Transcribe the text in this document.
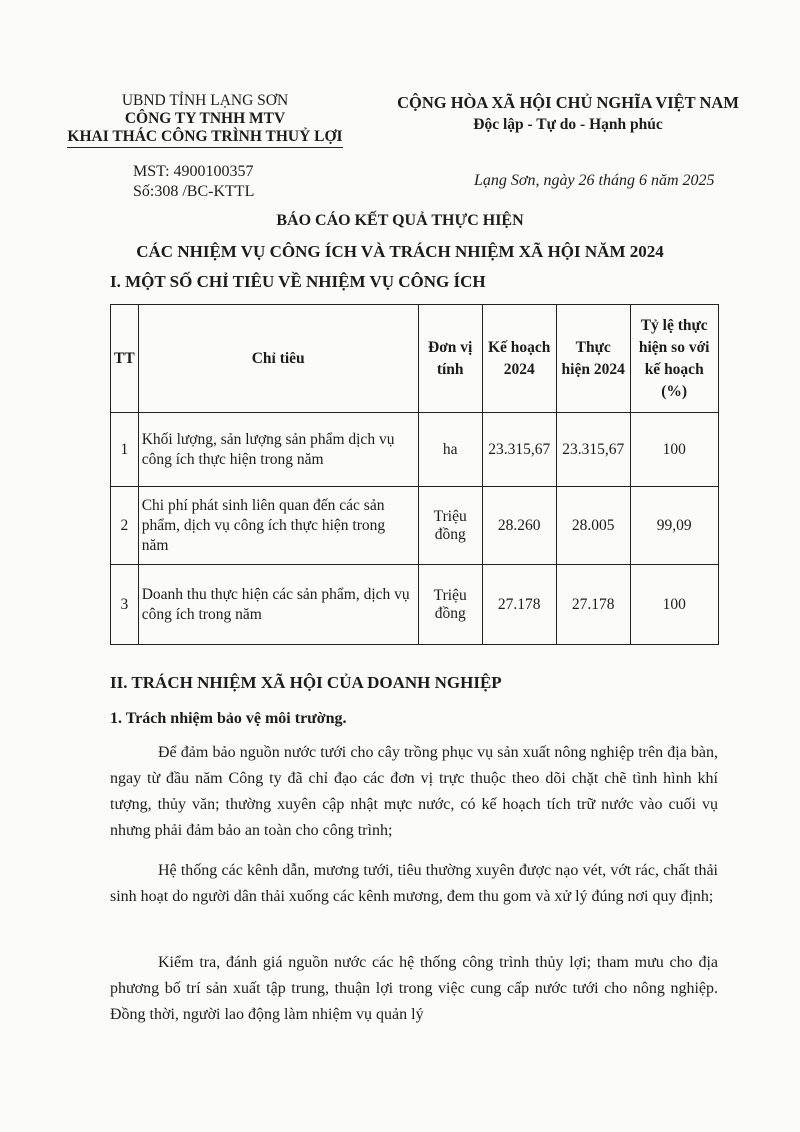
UBND TỈNH LẠNG SƠN
CÔNG TY TNHH MTV
KHAI THÁC CÔNG TRÌNH THUỶ LỢI
CỘNG HÒA XÃ HỘI CHỦ NGHĨA VIỆT NAM
Độc lập - Tự do - Hạnh phúc
MST: 4900100357
Số:308 /BC-KTTL
Lạng Sơn, ngày 26 tháng 6 năm 2025
BÁO CÁO KẾT QUẢ THỰC HIỆN
CÁC NHIỆM VỤ CÔNG ÍCH VÀ TRÁCH NHIỆM XÃ HỘI NĂM 2024
I. MỘT SỐ CHỈ TIÊU VỀ NHIỆM VỤ CÔNG ÍCH
TT	Chỉ tiêu	Đơn vị tính	Kế hoạch 2024	Thực hiện 2024	Tỷ lệ thực hiện so với kế hoạch (%)
1	Khối lượng, sản lượng sản phẩm dịch vụ công ích thực hiện trong năm	ha	23.315,67	23.315,67	100
2	Chi phí phát sinh liên quan đến các sản phẩm, dịch vụ công ích thực hiện trong năm	Triệu đồng	28.260	28.005	99,09
3	Doanh thu thực hiện các sản phẩm, dịch vụ công ích trong năm	Triệu đồng	27.178	27.178	100
II. TRÁCH NHIỆM XÃ HỘI CỦA DOANH NGHIỆP
1. Trách nhiệm bảo vệ môi trường.
Để đảm bảo nguồn nước tưới cho cây trồng phục vụ sản xuất nông nghiệp trên địa bàn, ngay từ đầu năm Công ty đã chỉ đạo các đơn vị trực thuộc theo dõi chặt chẽ tình hình khí tượng, thủy văn; thường xuyên cập nhật mực nước, có kế hoạch tích trữ nước vào cuối vụ nhưng phải đảm bảo an toàn cho công trình;
Hệ thống các kênh dẫn, mương tưới, tiêu thường xuyên được nạo vét, vớt rác, chất thải sinh hoạt do người dân thải xuống các kênh mương, đem thu gom và xử lý đúng nơi quy định;
Kiểm tra, đánh giá nguồn nước các hệ thống công trình thủy lợi; tham mưu cho địa phương bố trí sản xuất tập trung, thuận lợi trong việc cung cấp nước tưới cho nông nghiệp. Đồng thời, người lao động làm nhiệm vụ quản lý
